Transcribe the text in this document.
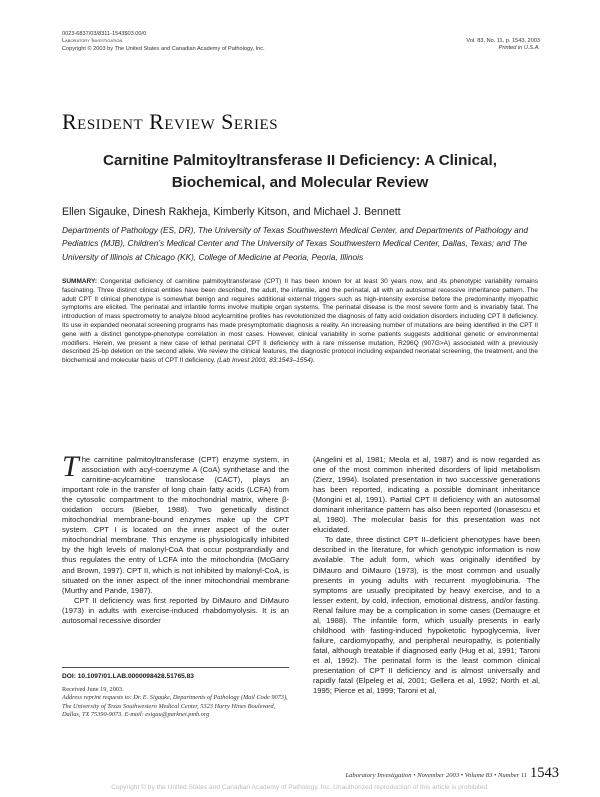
0023-6837/03/8311-1543$03.00/0
Laboratory Investigation
Copyright © 2003 by The United States and Canadian Academy of Pathology, Inc.
Vol. 83, No. 11, p. 1543, 2003
Printed in U.S.A.
Resident Review Series
Carnitine Palmitoyltransferase II Deficiency: A Clinical, Biochemical, and Molecular Review
Ellen Sigauke, Dinesh Rakheja, Kimberly Kitson, and Michael J. Bennett
Departments of Pathology (ES, DR), The University of Texas Southwestern Medical Center, and Departments of Pathology and Pediatrics (MJB), Children’s Medical Center and The University of Texas Southwestern Medical Center, Dallas, Texas; and The University of Illinois at Chicago (KK), College of Medicine at Peoria, Peoria, Illinois
SUMMARY: Congenital deficiency of carnitine palmitoyltransferase (CPT) II has been known for at least 30 years now, and its phenotypic variability remains fascinating. Three distinct clinical entities have been described, the adult, the infantile, and the perinatal, all with an autosomal recessive inheritance pattern. The adult CPT II clinical phenotype is somewhat benign and requires additional external triggers such as high-intensity exercise before the predominantly myopathic symptoms are elicited. The perinatal and infantile forms involve multiple organ systems. The perinatal disease is the most severe form and is invariably fatal. The introduction of mass spectrometry to analyze blood acylcarnitine profiles has revolutionized the diagnosis of fatty acid oxidation disorders including CPT II deficiency. Its use in expanded neonatal screening programs has made presymptomatic diagnosis a reality. An increasing number of mutations are being identified in the CPT II gene with a distinct genotype-phenotype correlation in most cases. However, clinical variability in some patients suggests additional genetic or environmental modifiers. Herein, we present a new case of lethal perinatal CPT II deficiency with a rare missense mutation, R296Q (907G>A) associated with a previously described 25-bp deletion on the second allele. We review the clinical features, the diagnostic protocol including expanded neonatal screening, the treatment, and the biochemical and molecular basis of CPT II deficiency. (Lab Invest 2003, 83:1543–1554).

The carnitine palmitoyltransferase (CPT) enzyme system, in association with acyl-coenzyme A (CoA) synthetase and the carnitine-acylcarnitine translocase (CACT), plays an important role in the transfer of long chain fatty acids (LCFA) from the cytosolic compartment to the mitochondrial matrix, where β-oxidation occurs (Bieber, 1988). Two genetically distinct mitochondrial membrane-bound enzymes make up the CPT system. CPT I is located on the inner aspect of the outer mitochondrial membrane. This enzyme is physiologically inhibited by the high levels of malonyl-CoA that occur postprandially and thus regulates the entry of LCFA into the mitochondria (McGarry and Brown, 1997). CPT II, which is not inhibited by malonyl-CoA, is situated on the inner aspect of the inner mitochondrial membrane (Murthy and Pande, 1987).

CPT II deficiency was first reported by DiMauro and DiMauro (1973) in adults with exercise-induced rhabdomyolysis. It is an autosomal recessive disorder

(Angelini et al, 1981; Meola et al, 1987) and is now regarded as one of the most common inherited disorders of lipid metabolism (Zierz, 1994). Isolated presentation in two successive generations has been reported, indicating a possible dominant inheritance (Mongini et al, 1991). Partial CPT II deficiency with an autosomal dominant inheritance pattern has also been reported (Ionasescu et al, 1980). The molecular basis for this presentation was not elucidated.

To date, three distinct CPT II–deficient phenotypes have been described in the literature, for which genotypic information is now available. The adult form, which was originally identified by DiMauro and DiMauro (1973), is the most common and usually presents in young adults with recurrent myoglobinuria. The symptoms are usually precipitated by heavy exercise, and to a lesser extent, by cold, infection, emotional distress, and/or fasting. Renal failure may be a complication in some cases (Demaugre et al, 1988). The infantile form, which usually presents in early childhood with fasting-induced hypoketotic hypoglycemia, liver failure, cardiomyopathy, and peripheral neuropathy, is potentially fatal, although treatable if diagnosed early (Hug et al, 1991; Taroni et al, 1992). The perinatal form is the least common clinical presentation of CPT II deficiency and is almost universally and rapidly fatal (Elpeleg et al, 2001; Gellera et al, 1992; North et al, 1995; Pierce et al, 1999; Taroni et al,

DOI: 10.1097/01.LAB.0000098428.51765.83
Received June 19, 2003.
Address reprint requests to: Dr. E. Sigauke, Departments of Pathology (Mail Code 9073), The University of Texas Southwestern Medical Center, 5323 Harry Hines Boulevard, Dallas, TX 75390-9073. E-mail: esigau@parknet.pmh.org
Laboratory Investigation • November 2003 • Volume 83 • Number 11 1543
Copyright © by the United States and Canadian Academy of Pathology, Inc. Unauthorized reproduction of this article is prohibited.
